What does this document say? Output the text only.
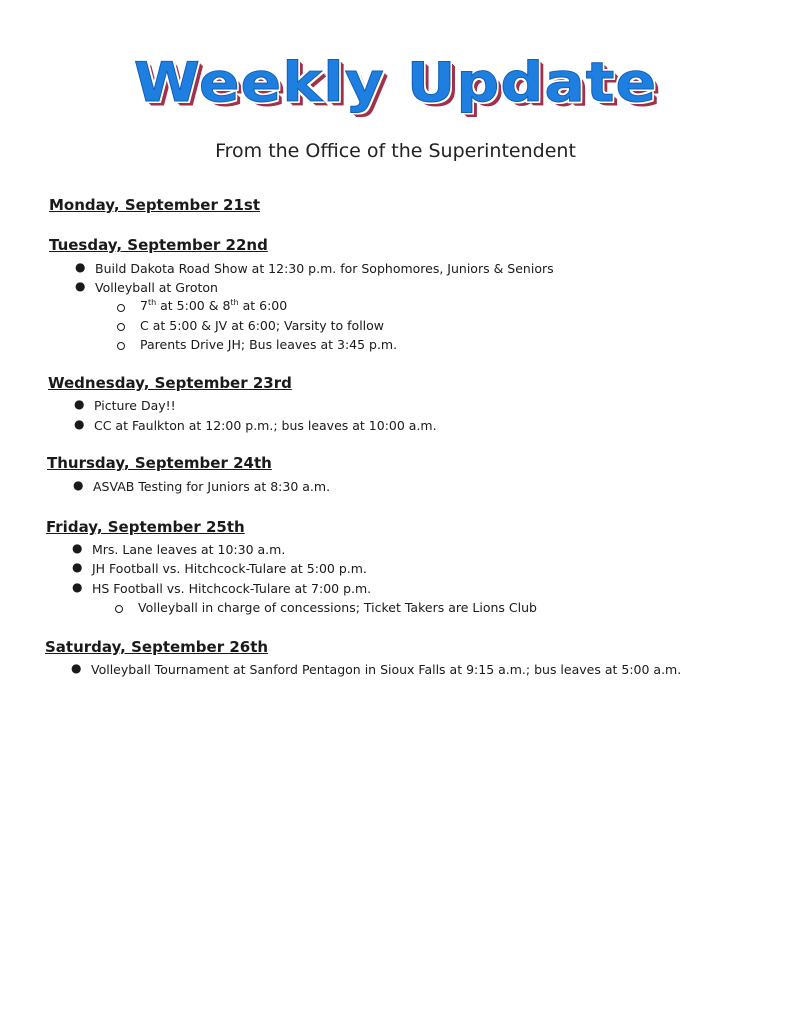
Weekly Update
From the Office of the Superintendent
Monday, September 21st
Tuesday, September 22nd
● Build Dakota Road Show at 12:30 p.m. for Sophomores, Juniors & Seniors
● Volleyball at Groton
7th at 5:00 & 8th at 6:00
C at 5:00 & JV at 6:00; Varsity to follow
Parents Drive JH; Bus leaves at 3:45 p.m.
Wednesday, September 23rd
● Picture Day!!
● CC at Faulkton at 12:00 p.m.; bus leaves at 10:00 a.m.
Thursday, September 24th
● ASVAB Testing for Juniors at 8:30 a.m.
Friday, September 25th
● Mrs. Lane leaves at 10:30 a.m.
● JH Football vs. Hitchcock-Tulare at 5:00 p.m.
● HS Football vs. Hitchcock-Tulare at 7:00 p.m.
Volleyball in charge of concessions; Ticket Takers are Lions Club
Saturday, September 26th
● Volleyball Tournament at Sanford Pentagon in Sioux Falls at 9:15 a.m.; bus leaves at 5:00 a.m.
